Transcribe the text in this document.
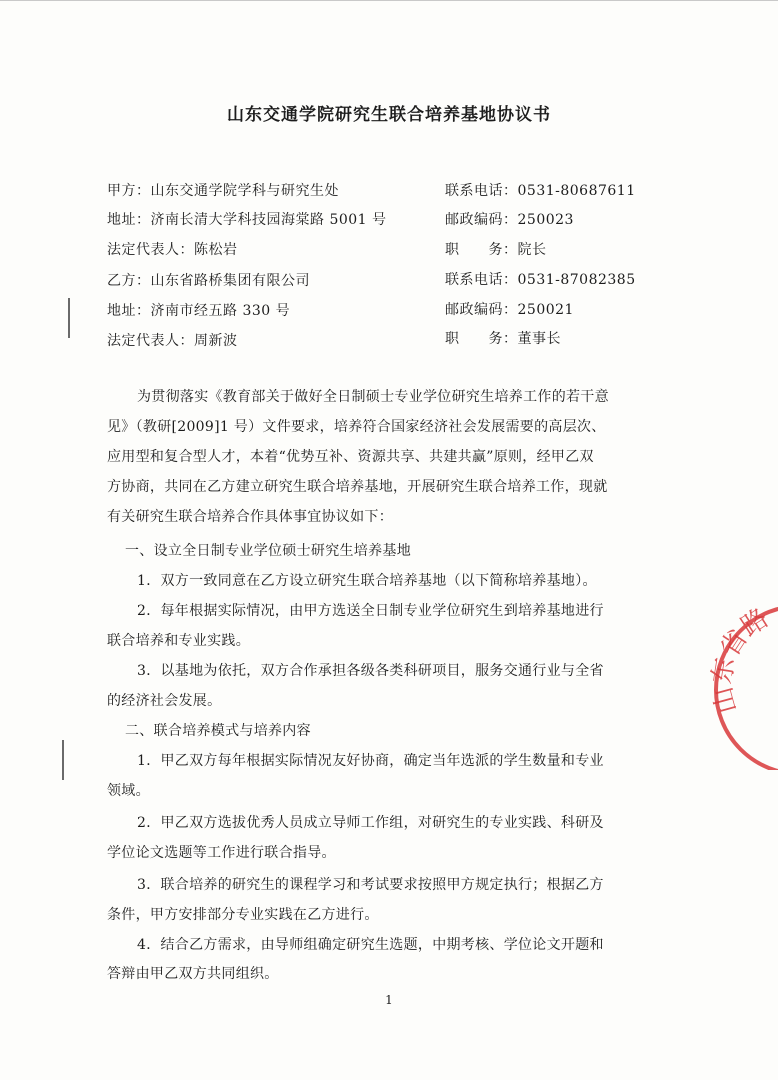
山东交通学院研究生联合培养基地协议书
甲方：山东交通学院学科与研究生处	联系电话：0531-80687611
地址：济南长清大学科技园海棠路 5001 号	邮政编码：250023
法定代表人：陈松岩	职　　务：院长
乙方：山东省路桥集团有限公司	联系电话：0531-87082385
地址：济南市经五路 330 号	邮政编码：250021
法定代表人：周新波	职　　务：董事长
为贯彻落实《教育部关于做好全日制硕士专业学位研究生培养工作的若干意
见》（教研[2009]1 号）文件要求，培养符合国家经济社会发展需要的高层次、
应用型和复合型人才，本着“优势互补、资源共享、共建共赢”原则，经甲乙双
方协商，共同在乙方建立研究生联合培养基地，开展研究生联合培养工作，现就
有关研究生联合培养合作具体事宜协议如下：
一、设立全日制专业学位硕士研究生培养基地
1．双方一致同意在乙方设立研究生联合培养基地（以下简称培养基地）。
2．每年根据实际情况，由甲方选送全日制专业学位研究生到培养基地进行
联合培养和专业实践。
3．以基地为依托，双方合作承担各级各类科研项目，服务交通行业与全省
的经济社会发展。
二、联合培养模式与培养内容
1．甲乙双方每年根据实际情况友好协商，确定当年选派的学生数量和专业
领域。
2．甲乙双方选拔优秀人员成立导师工作组，对研究生的专业实践、科研及
学位论文选题等工作进行联合指导。
3．联合培养的研究生的课程学习和考试要求按照甲方规定执行；根据乙方
条件，甲方安排部分专业实践在乙方进行。
4．结合乙方需求，由导师组确定研究生选题，中期考核、学位论文开题和
答辩由甲乙双方共同组织。
1
山东省路
